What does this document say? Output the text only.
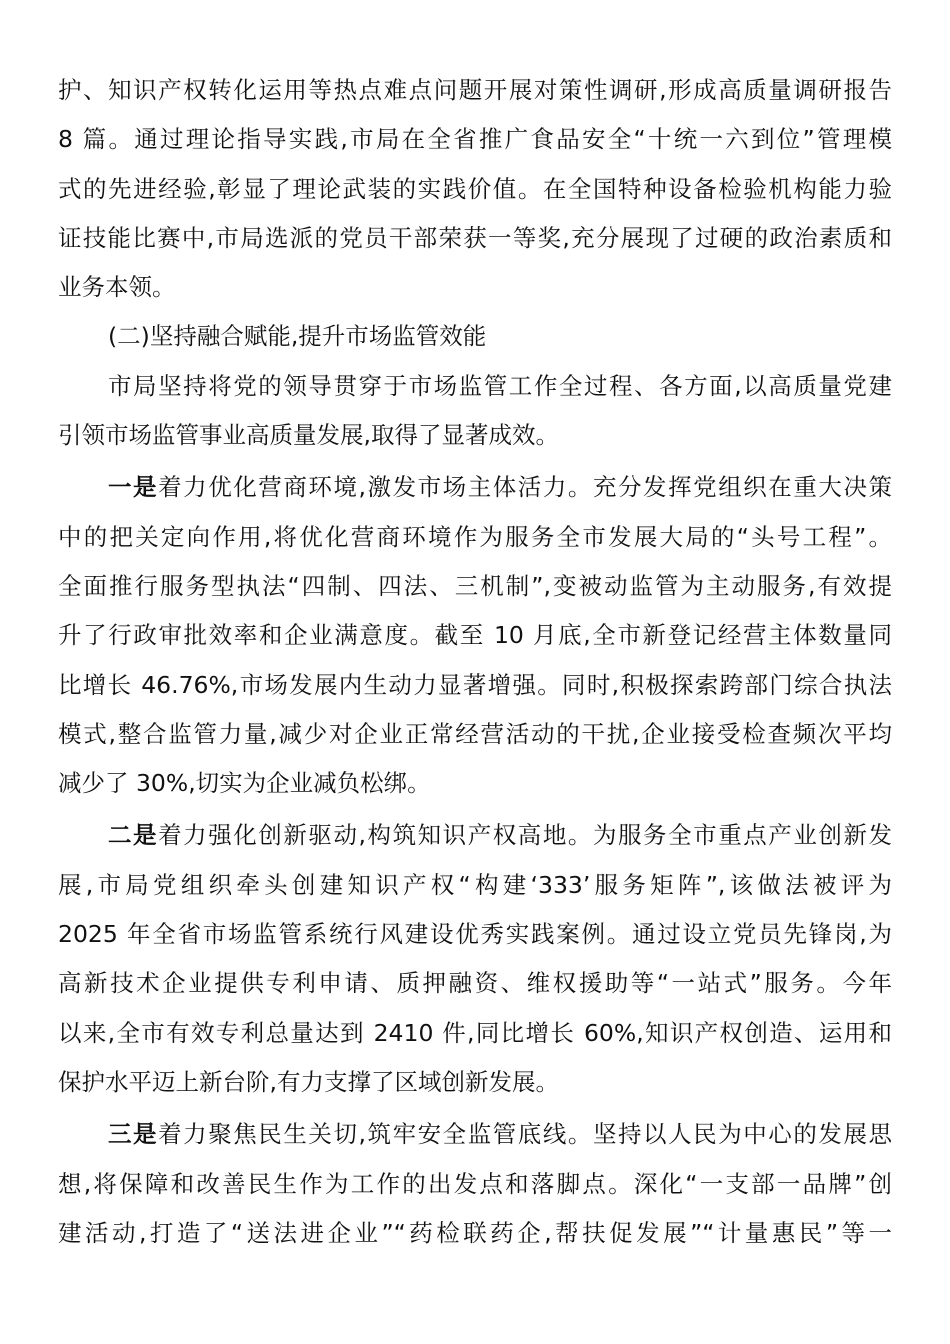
护、知识产权转化运用等热点难点问题开展对策性调研,形成高质量调研报告
8 篇。通过理论指导实践,市局在全省推广食品安全“十统一六到位”管理模
式的先进经验,彰显了理论武装的实践价值。在全国特种设备检验机构能力验
证技能比赛中,市局选派的党员干部荣获一等奖,充分展现了过硬的政治素质和
业务本领。
(二)坚持融合赋能,提升市场监管效能
市局坚持将党的领导贯穿于市场监管工作全过程、各方面,以高质量党建
引领市场监管事业高质量发展,取得了显著成效。
一是着力优化营商环境,激发市场主体活力。充分发挥党组织在重大决策
中的把关定向作用,将优化营商环境作为服务全市发展大局的“头号工程”。
全面推行服务型执法“四制、四法、三机制”,变被动监管为主动服务,有效提
升了行政审批效率和企业满意度。截至 10 月底,全市新登记经营主体数量同
比增长 46.76%,市场发展内生动力显著增强。同时,积极探索跨部门综合执法
模式,整合监管力量,减少对企业正常经营活动的干扰,企业接受检查频次平均
减少了 30%,切实为企业减负松绑。
二是着力强化创新驱动,构筑知识产权高地。为服务全市重点产业创新发
展,市局党组织牵头创建知识产权“构建‘333’服务矩阵”,该做法被评为
2025 年全省市场监管系统行风建设优秀实践案例。通过设立党员先锋岗,为
高新技术企业提供专利申请、质押融资、维权援助等“一站式”服务。今年
以来,全市有效专利总量达到 2410 件,同比增长 60%,知识产权创造、运用和
保护水平迈上新台阶,有力支撑了区域创新发展。
三是着力聚焦民生关切,筑牢安全监管底线。坚持以人民为中心的发展思
想,将保障和改善民生作为工作的出发点和落脚点。深化“一支部一品牌”创
建活动,打造了“送法进企业”“药检联药企,帮扶促发展”“计量惠民”等一
